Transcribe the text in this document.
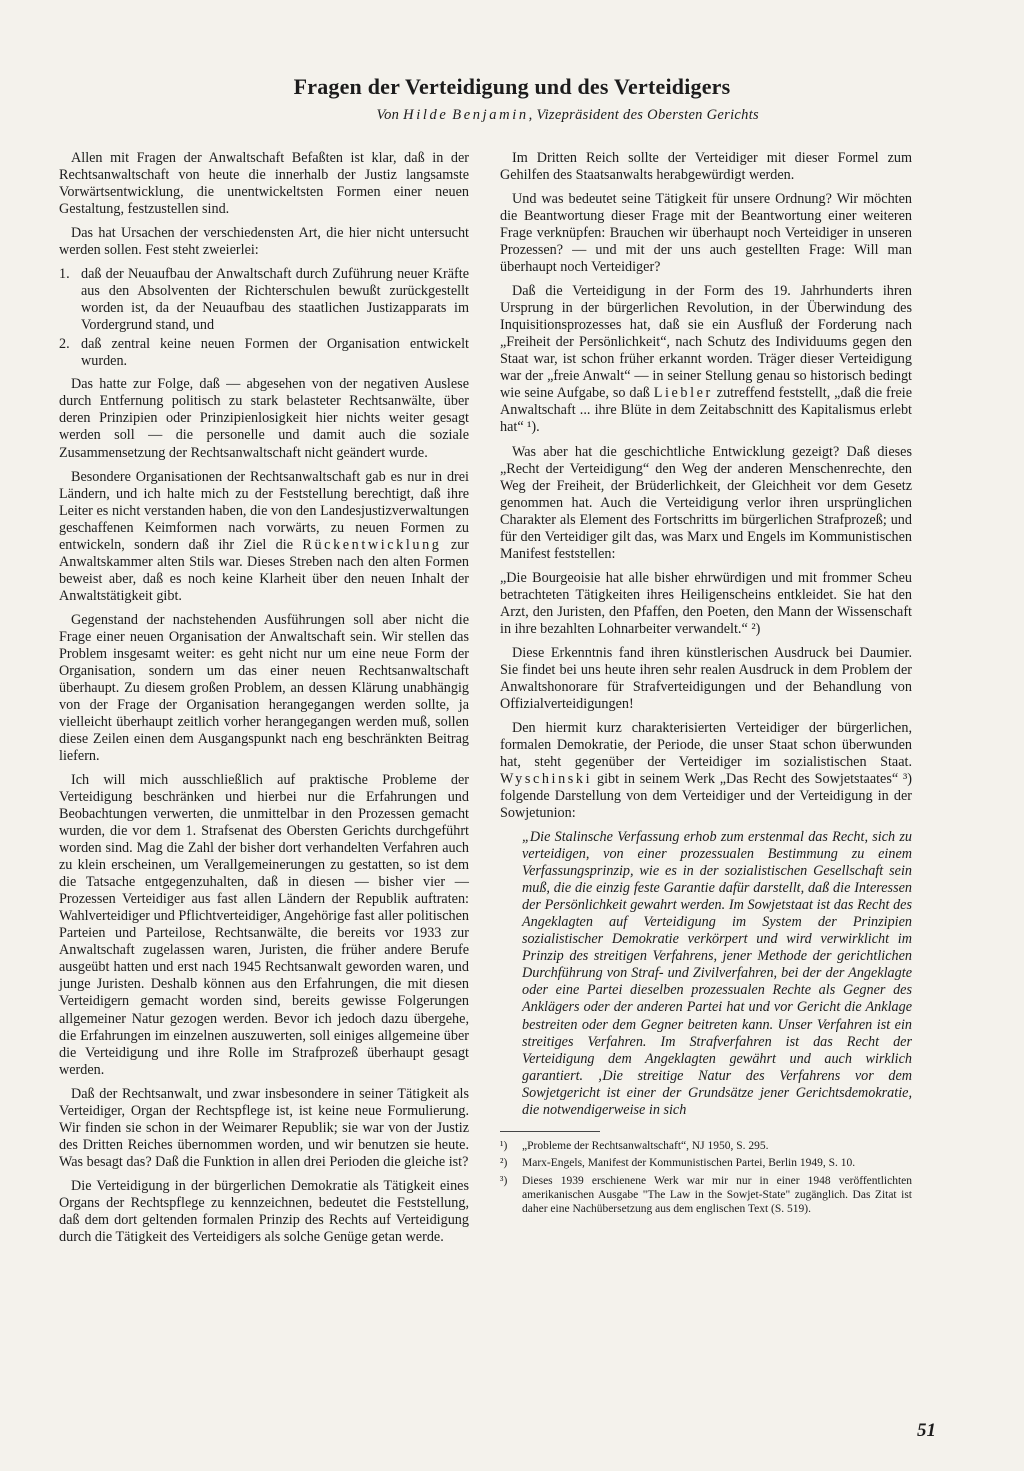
Fragen der Verteidigung und des Verteidigers
Von Hilde Benjamin, Vizepräsident des Obersten Gerichts

Allen mit Fragen der Anwaltschaft Befaßten ist klar, daß in der Rechtsanwaltschaft von heute die innerhalb der Justiz langsamste Vorwärtsentwicklung, die unentwickeltsten Formen einer neuen Gestaltung, festzustellen sind.

Das hat Ursachen der verschiedensten Art, die hier nicht untersucht werden sollen. Fest steht zweierlei:

1. daß der Neuaufbau der Anwaltschaft durch Zuführung neuer Kräfte aus den Absolventen der Richterschulen bewußt zurückgestellt worden ist, da der Neuaufbau des staatlichen Justizapparats im Vordergrund stand, und
2. daß zentral keine neuen Formen der Organisation entwickelt wurden.

Das hatte zur Folge, daß — abgesehen von der negativen Auslese durch Entfernung politisch zu stark belasteter Rechtsanwälte, über deren Prinzipien oder Prinzipienlosigkeit hier nichts weiter gesagt werden soll — die personelle und damit auch die soziale Zusammensetzung der Rechtsanwaltschaft nicht geändert wurde.

Besondere Organisationen der Rechtsanwaltschaft gab es nur in drei Ländern, und ich halte mich zu der Feststellung berechtigt, daß ihre Leiter es nicht verstanden haben, die von den Landesjustizverwaltungen geschaffenen Keimformen nach vorwärts, zu neuen Formen zu entwickeln, sondern daß ihr Ziel die Rückentwicklung zur Anwaltskammer alten Stils war. Dieses Streben nach den alten Formen beweist aber, daß es noch keine Klarheit über den neuen Inhalt der Anwaltstätigkeit gibt.

Gegenstand der nachstehenden Ausführungen soll aber nicht die Frage einer neuen Organisation der Anwaltschaft sein. Wir stellen das Problem insgesamt weiter: es geht nicht nur um eine neue Form der Organisation, sondern um das einer neuen Rechtsanwaltschaft überhaupt. Zu diesem großen Problem, an dessen Klärung unabhängig von der Frage der Organisation herangegangen werden sollte, ja vielleicht überhaupt zeitlich vorher herangegangen werden muß, sollen diese Zeilen einen dem Ausgangspunkt nach eng beschränkten Beitrag liefern.

Ich will mich ausschließlich auf praktische Probleme der Verteidigung beschränken und hierbei nur die Erfahrungen und Beobachtungen verwerten, die unmittelbar in den Prozessen gemacht wurden, die vor dem 1. Strafsenat des Obersten Gerichts durchgeführt worden sind. Mag die Zahl der bisher dort verhandelten Verfahren auch zu klein erscheinen, um Verallgemeinerungen zu gestatten, so ist dem die Tatsache entgegenzuhalten, daß in diesen — bisher vier — Prozessen Verteidiger aus fast allen Ländern der Republik auftraten: Wahlverteidiger und Pflichtverteidiger, Angehörige fast aller politischen Parteien und Parteilose, Rechtsanwälte, die bereits vor 1933 zur Anwaltschaft zugelassen waren, Juristen, die früher andere Berufe ausgeübt hatten und erst nach 1945 Rechtsanwalt geworden waren, und junge Juristen. Deshalb können aus den Erfahrungen, die mit diesen Verteidigern gemacht worden sind, bereits gewisse Folgerungen allgemeiner Natur gezogen werden. Bevor ich jedoch dazu übergehe, die Erfahrungen im einzelnen auszuwerten, soll einiges allgemeine über die Verteidigung und ihre Rolle im Strafprozeß überhaupt gesagt werden.

Daß der Rechtsanwalt, und zwar insbesondere in seiner Tätigkeit als Verteidiger, Organ der Rechtspflege ist, ist keine neue Formulierung. Wir finden sie schon in der Weimarer Republik; sie war von der Justiz des Dritten Reiches übernommen worden, und wir benutzen sie heute. Was besagt das? Daß die Funktion in allen drei Perioden die gleiche ist?

Die Verteidigung in der bürgerlichen Demokratie als Tätigkeit eines Organs der Rechtspflege zu kennzeichnen, bedeutet die Feststellung, daß dem dort geltenden formalen Prinzip des Rechts auf Verteidigung durch die Tätigkeit des Verteidigers als solche Genüge getan werde.

Im Dritten Reich sollte der Verteidiger mit dieser Formel zum Gehilfen des Staatsanwalts herabgewürdigt werden.

Und was bedeutet seine Tätigkeit für unsere Ordnung? Wir möchten die Beantwortung dieser Frage mit der Beantwortung einer weiteren Frage verknüpfen: Brauchen wir überhaupt noch Verteidiger in unseren Prozessen? — und mit der uns auch gestellten Frage: Will man überhaupt noch Verteidiger?

Daß die Verteidigung in der Form des 19. Jahrhunderts ihren Ursprung in der bürgerlichen Revolution, in der Überwindung des Inquisitionsprozesses hat, daß sie ein Ausfluß der Forderung nach „Freiheit der Persönlichkeit“, nach Schutz des Individuums gegen den Staat war, ist schon früher erkannt worden. Träger dieser Verteidigung war der „freie Anwalt“ — in seiner Stellung genau so historisch bedingt wie seine Aufgabe, so daß Liebler zutreffend feststellt, „daß die freie Anwaltschaft ... ihre Blüte in dem Zeitabschnitt des Kapitalismus erlebt hat“ ¹).

Was aber hat die geschichtliche Entwicklung gezeigt? Daß dieses „Recht der Verteidigung“ den Weg der anderen Menschenrechte, den Weg der Freiheit, der Brüderlichkeit, der Gleichheit vor dem Gesetz genommen hat. Auch die Verteidigung verlor ihren ursprünglichen Charakter als Element des Fortschritts im bürgerlichen Strafprozeß; und für den Verteidiger gilt das, was Marx und Engels im Kommunistischen Manifest feststellen:

„Die Bourgeoisie hat alle bisher ehrwürdigen und mit frommer Scheu betrachteten Tätigkeiten ihres Heiligenscheins entkleidet. Sie hat den Arzt, den Juristen, den Pfaffen, den Poeten, den Mann der Wissenschaft in ihre bezahlten Lohnarbeiter verwandelt.“ ²)

Diese Erkenntnis fand ihren künstlerischen Ausdruck bei Daumier. Sie findet bei uns heute ihren sehr realen Ausdruck in dem Problem der Anwaltshonorare für Strafverteidigungen und der Behandlung von Offizialverteidigungen!

Den hiermit kurz charakterisierten Verteidiger der bürgerlichen, formalen Demokratie, der Periode, die unser Staat schon überwunden hat, steht gegenüber der Verteidiger im sozialistischen Staat. Wyschinski gibt in seinem Werk „Das Recht des Sowjetstaates“ ³) folgende Darstellung von dem Verteidiger und der Verteidigung in der Sowjetunion:

„Die Stalinsche Verfassung erhob zum erstenmal das Recht, sich zu verteidigen, von einer prozessualen Bestimmung zu einem Verfassungsprinzip, wie es in der sozialistischen Gesellschaft sein muß, die die einzig feste Garantie dafür darstellt, daß die Interessen der Persönlichkeit gewahrt werden. Im Sowjetstaat ist das Recht des Angeklagten auf Verteidigung im System der Prinzipien sozialistischer Demokratie verkörpert und wird verwirklicht im Prinzip des streitigen Verfahrens, jener Methode der gerichtlichen Durchführung von Straf- und Zivilverfahren, bei der der Angeklagte oder eine Partei dieselben prozessualen Rechte als Gegner des Anklägers oder der anderen Partei hat und vor Gericht die Anklage bestreiten oder dem Gegner beitreten kann. Unser Verfahren ist ein streitiges Verfahren. Im Strafverfahren ist das Recht der Verteidigung dem Angeklagten gewährt und auch wirklich garantiert. ‚Die streitige Natur des Verfahrens vor dem Sowjetgericht ist einer der Grundsätze jener Gerichtsdemokratie, die notwendigerweise in sich

¹)	„Probleme der Rechtsanwaltschaft“, NJ 1950, S. 295.
²)	Marx-Engels, Manifest der Kommunistischen Partei, Berlin 1949, S. 10.
³)	Dieses 1939 erschienene Werk war mir nur in einer 1948 veröffentlichten amerikanischen Ausgabe "The Law in the Sowjet-State" zugänglich. Das Zitat ist daher eine Nachübersetzung aus dem englischen Text (S. 519).
51
